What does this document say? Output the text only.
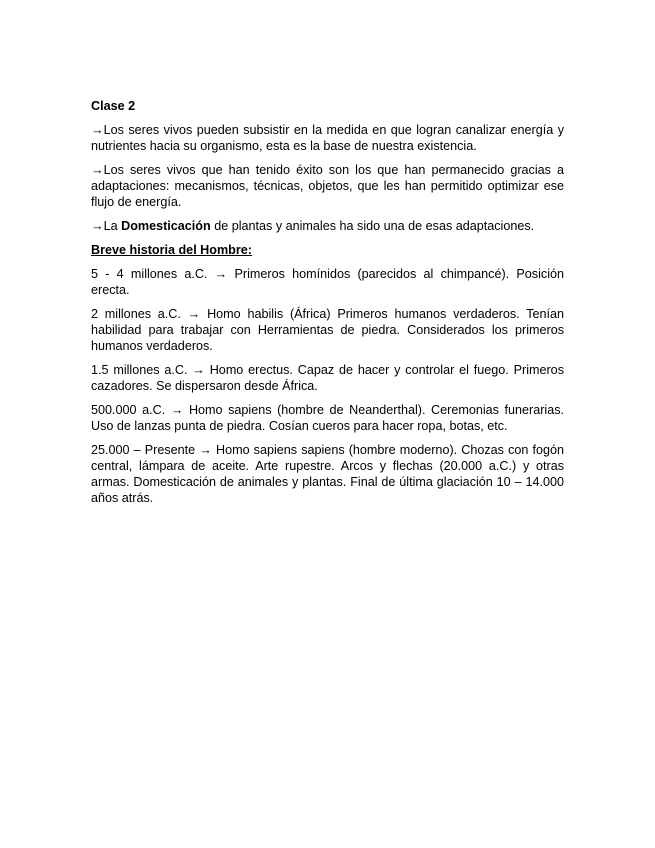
Clase 2

→Los seres vivos pueden subsistir en la medida en que logran canalizar energía y nutrientes hacia su organismo, esta es la base de nuestra existencia.

→Los seres vivos que han tenido éxito son los que han permanecido gracias a adaptaciones: mecanismos, técnicas, objetos, que les han permitido optimizar ese flujo de energía.

→La Domesticación de plantas y animales ha sido una de esas adaptaciones.

Breve historia del Hombre:

5 - 4 millones a.C. → Primeros homínidos (parecidos al chimpancé). Posición erecta.

2 millones a.C. → Homo habilis (África) Primeros humanos verdaderos. Tenían habilidad para trabajar con Herramientas de piedra. Considerados los primeros humanos verdaderos.

1.5 millones a.C. → Homo erectus. Capaz de hacer y controlar el fuego. Primeros cazadores. Se dispersaron desde África.

500.000 a.C. → Homo sapiens (hombre de Neanderthal). Ceremonias funerarias. Uso de lanzas punta de piedra. Cosían cueros para hacer ropa, botas, etc.

25.000 – Presente → Homo sapiens sapiens (hombre moderno). Chozas con fogón central, lámpara de aceite. Arte rupestre. Arcos y flechas (20.000 a.C.) y otras armas. Domesticación de animales y plantas. Final de última glaciación 10 – 14.000 años atrás.
